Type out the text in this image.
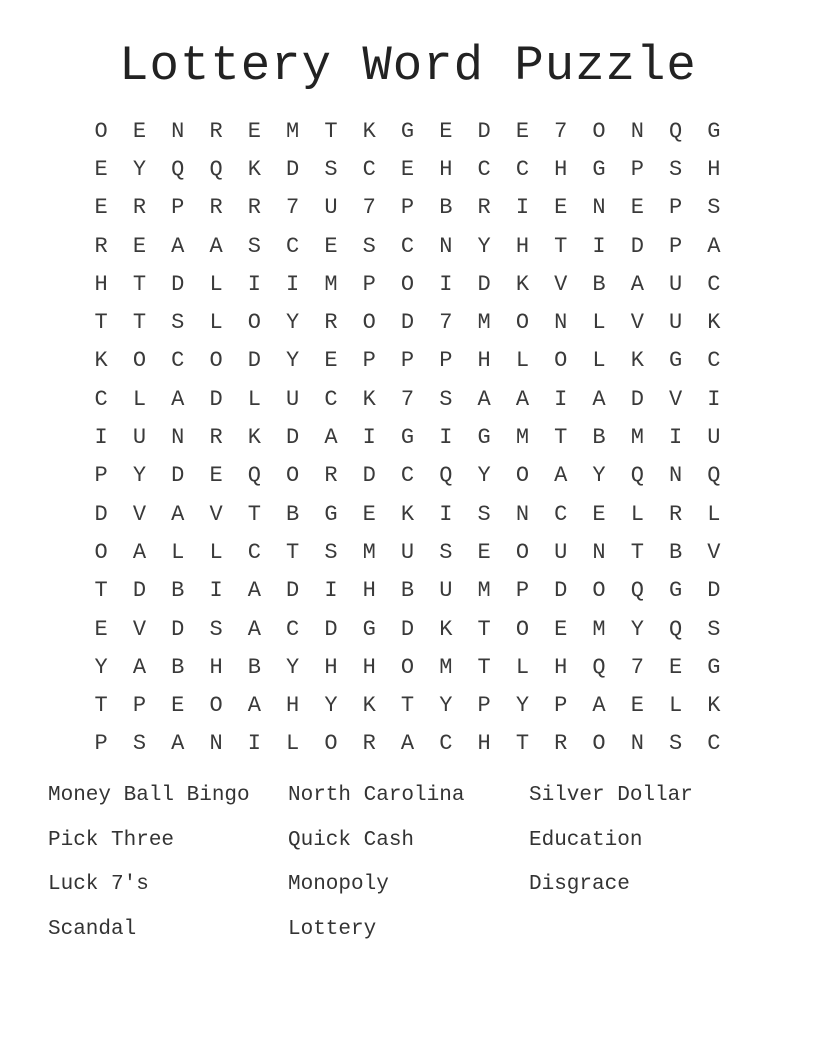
Lottery Word Puzzle
O	E	N	R	E	M	T	K	G	E	D	E	7	O	N	Q	G
E	Y	Q	Q	K	D	S	C	E	H	C	C	H	G	P	S	H
E	R	P	R	R	7	U	7	P	B	R	I	E	N	E	P	S
R	E	A	A	S	C	E	S	C	N	Y	H	T	I	D	P	A
H	T	D	L	I	I	M	P	O	I	D	K	V	B	A	U	C
T	T	S	L	O	Y	R	O	D	7	M	O	N	L	V	U	K
K	O	C	O	D	Y	E	P	P	P	H	L	O	L	K	G	C
C	L	A	D	L	U	C	K	7	S	A	A	I	A	D	V	I
I	U	N	R	K	D	A	I	G	I	G	M	T	B	M	I	U
P	Y	D	E	Q	O	R	D	C	Q	Y	O	A	Y	Q	N	Q
D	V	A	V	T	B	G	E	K	I	S	N	C	E	L	R	L
O	A	L	L	C	T	S	M	U	S	E	O	U	N	T	B	V
T	D	B	I	A	D	I	H	B	U	M	P	D	O	Q	G	D
E	V	D	S	A	C	D	G	D	K	T	O	E	M	Y	Q	S
Y	A	B	H	B	Y	H	H	O	M	T	L	H	Q	7	E	G
T	P	E	O	A	H	Y	K	T	Y	P	Y	P	A	E	L	K
P	S	A	N	I	L	O	R	A	C	H	T	R	O	N	S	C
Money Ball Bingo	North Carolina	Silver Dollar
Pick Three	Quick Cash	Education
Luck 7's	Monopoly	Disgrace
Scandal	Lottery
